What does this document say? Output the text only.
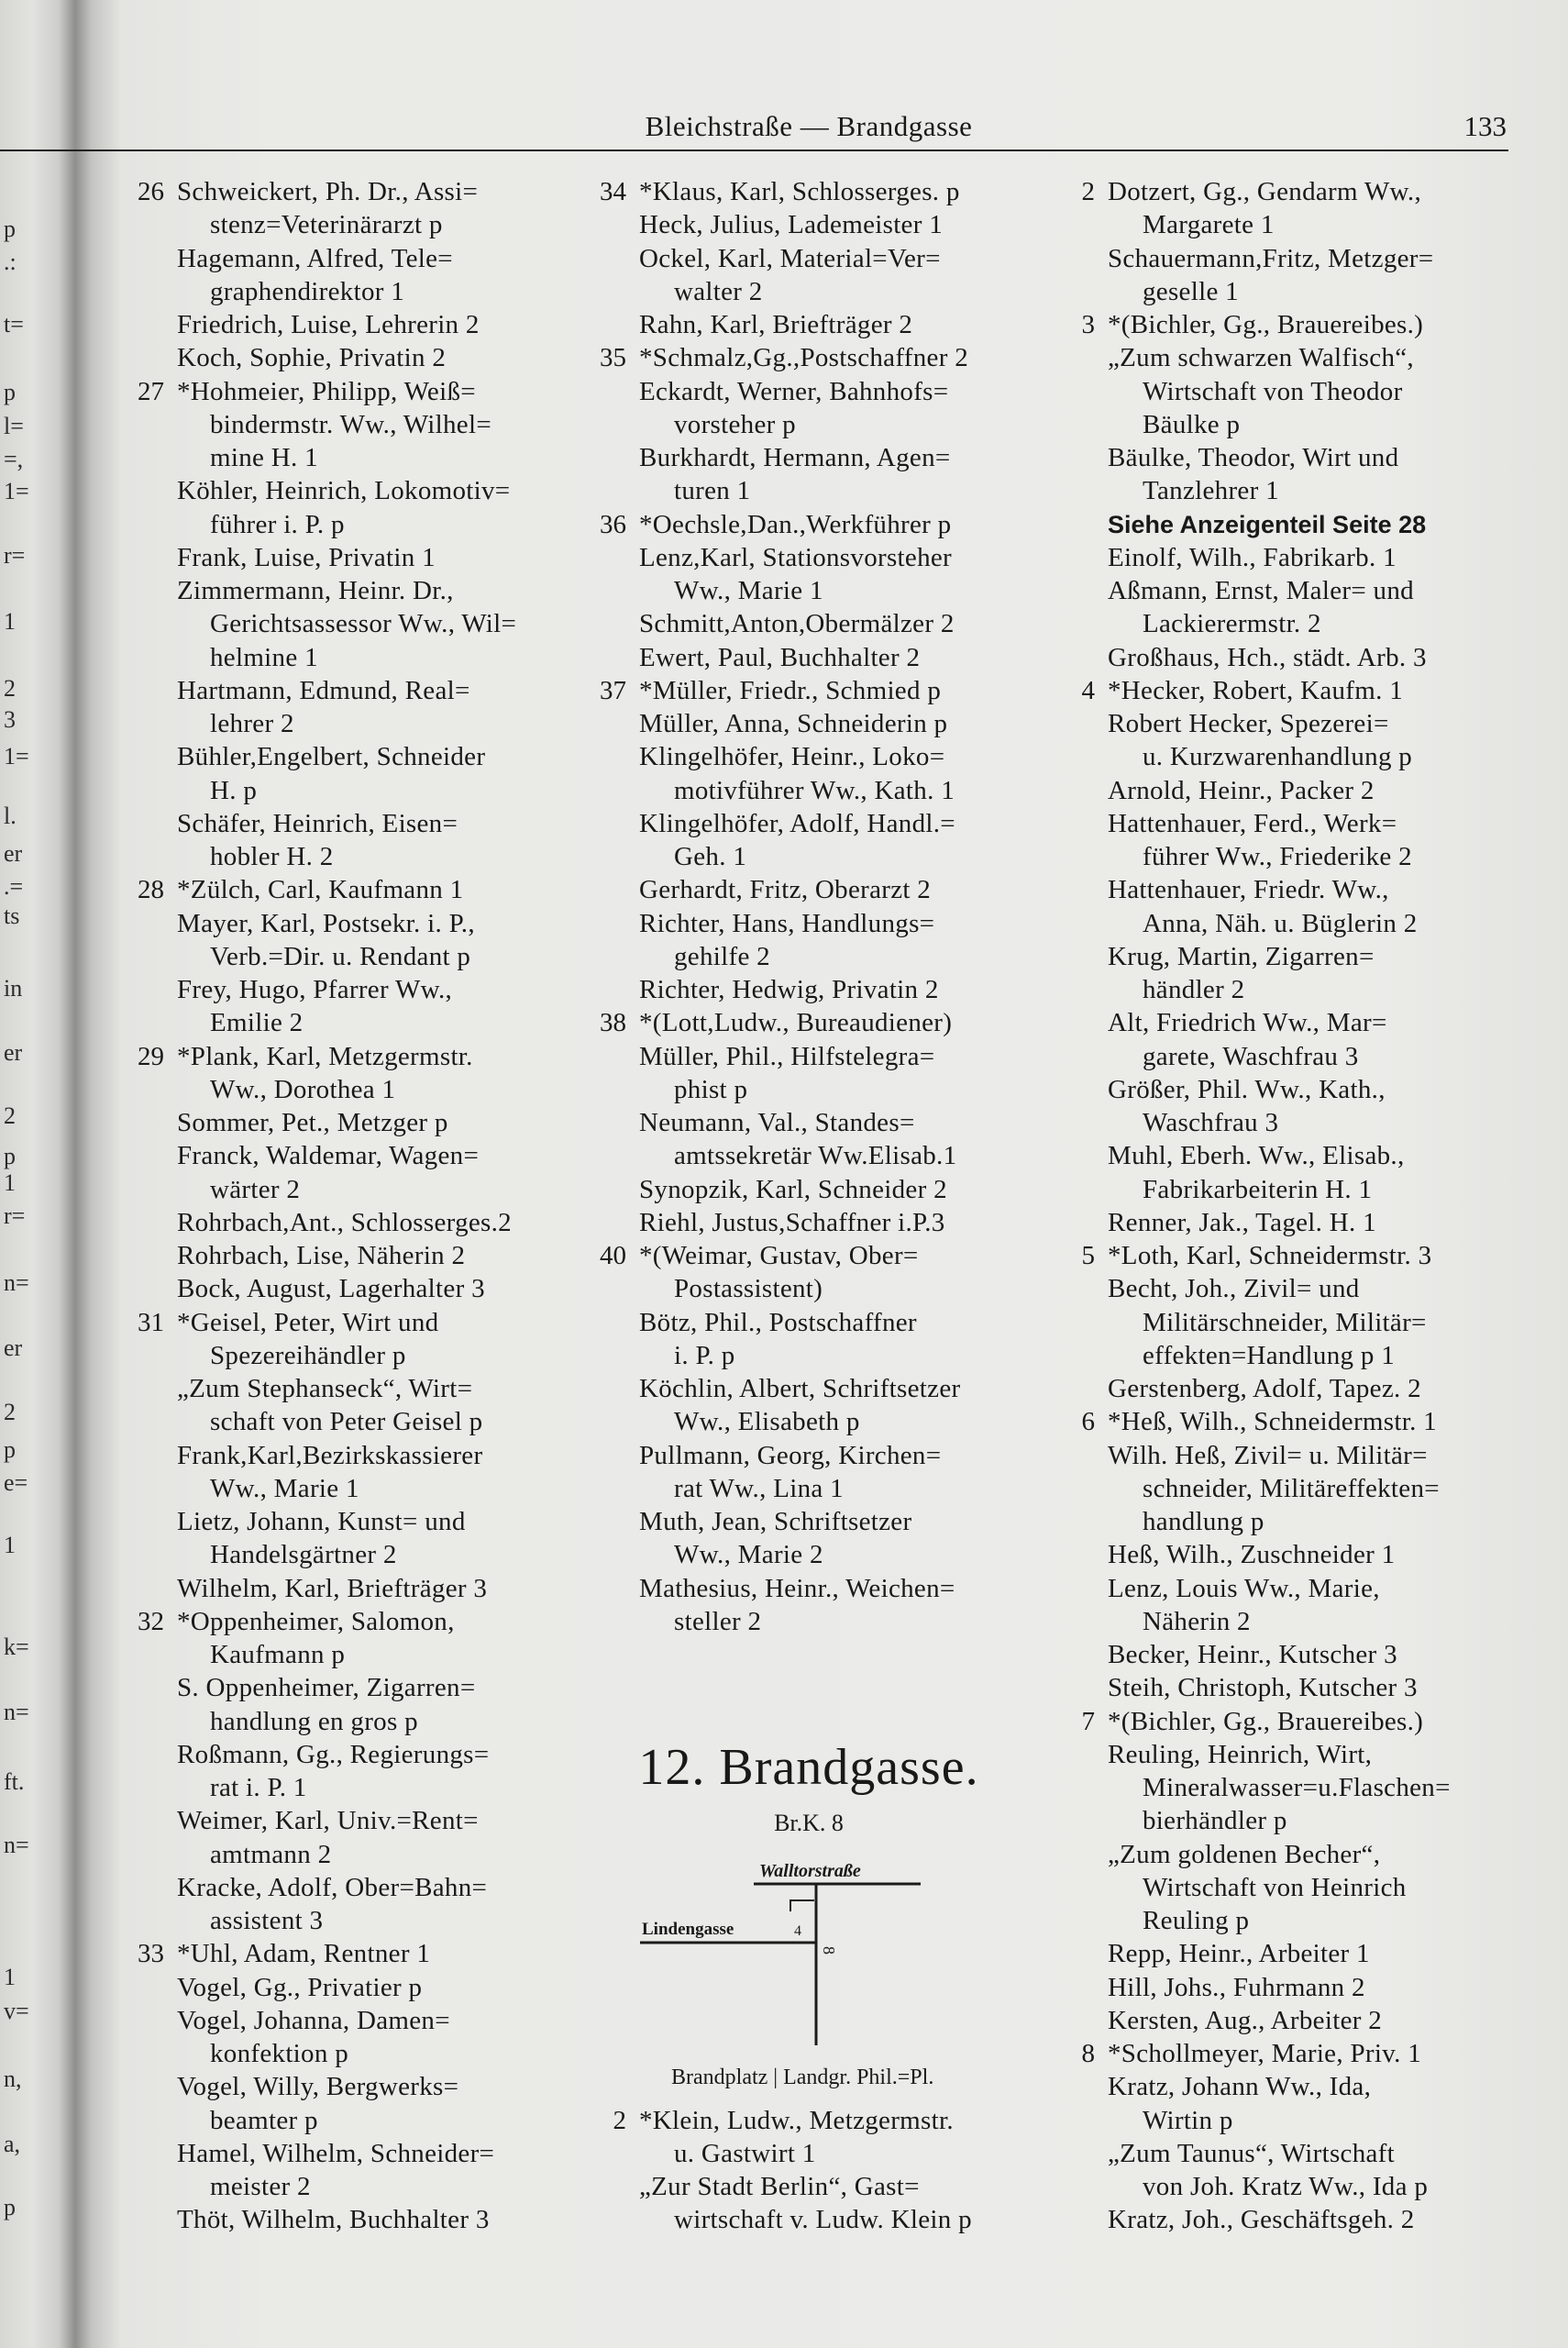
Bleichstraße — Brandgasse	133
p
.:
t=
p
l=
=,
1=
r=
1
2
3
1=
l.
er
.=
ts
in
er
2
p
1
r=
n=
er
2
p
e=
1
k=
n=
ft.
n=
1
v=
n,
a,
p
26 Schweickert, Ph. Dr., Assi=
stenz=Veterinärarzt p
Hagemann, Alfred, Tele=
graphendirektor 1
Friedrich, Luise, Lehrerin 2
Koch, Sophie, Privatin 2
27 *Hohmeier, Philipp, Weiß=
bindermstr. Ww., Wilhel=
mine H. 1
Köhler, Heinrich, Lokomotiv=
führer i. P. p
Frank, Luise, Privatin 1
Zimmermann, Heinr. Dr.,
Gerichtsassessor Ww., Wil=
helmine 1
Hartmann, Edmund, Real=
lehrer 2
Bühler,Engelbert, Schneider
H. p
Schäfer, Heinrich, Eisen=
hobler H. 2
28 *Zülch, Carl, Kaufmann 1
Mayer, Karl, Postsekr. i. P.,
Verb.=Dir. u. Rendant p
Frey, Hugo, Pfarrer Ww.,
Emilie 2
29 *Plank, Karl, Metzgermstr.
Ww., Dorothea 1
Sommer, Pet., Metzger p
Franck, Waldemar, Wagen=
wärter 2
Rohrbach,Ant., Schlosserges.2
Rohrbach, Lise, Näherin 2
Bock, August, Lagerhalter 3
31 *Geisel, Peter, Wirt und
Spezereihändler p
„Zum Stephanseck“, Wirt=
schaft von Peter Geisel p
Frank,Karl,Bezirkskassierer
Ww., Marie 1
Lietz, Johann, Kunst= und
Handelsgärtner 2
Wilhelm, Karl, Briefträger 3
32 *Oppenheimer, Salomon,
Kaufmann p
S. Oppenheimer, Zigarren=
handlung en gros p
Roßmann, Gg., Regierungs=
rat i. P. 1
Weimer, Karl, Univ.=Rent=
amtmann 2
Kracke, Adolf, Ober=Bahn=
assistent 3
33 *Uhl, Adam, Rentner 1
Vogel, Gg., Privatier p
Vogel, Johanna, Damen=
konfektion p
Vogel, Willy, Bergwerks=
beamter p
Hamel, Wilhelm, Schneider=
meister 2
Thöt, Wilhelm, Buchhalter 3
12. Brandgasse.
Br.K. 8
Walltorstraße
Lindengasse	4
8
Brandplatz | Landgr. Phil.=Pl.
34 *Klaus, Karl, Schlosserges. p
Heck, Julius, Lademeister 1
Ockel, Karl, Material=Ver=
walter 2
Rahn, Karl, Briefträger 2
35 *Schmalz,Gg.,Postschaffner 2
Eckardt, Werner, Bahnhofs=
vorsteher p
Burkhardt, Hermann, Agen=
turen 1
36 *Oechsle,Dan.,Werkführer p
Lenz,Karl, Stationsvorsteher
Ww., Marie 1
Schmitt,Anton,Obermälzer 2
Ewert, Paul, Buchhalter 2
37 *Müller, Friedr., Schmied p
Müller, Anna, Schneiderin p
Klingelhöfer, Heinr., Loko=
motivführer Ww., Kath. 1
Klingelhöfer, Adolf, Handl.=
Geh. 1
Gerhardt, Fritz, Oberarzt 2
Richter, Hans, Handlungs=
gehilfe 2
Richter, Hedwig, Privatin 2
38 *(Lott,Ludw., Bureaudiener)
Müller, Phil., Hilfstelegra=
phist p
Neumann, Val., Standes=
amtssekretär Ww.Elisab.1
Synopzik, Karl, Schneider 2
Riehl, Justus,Schaffner i.P.3
40 *(Weimar, Gustav, Ober=
Postassistent)
Bötz, Phil., Postschaffner
i. P. p
Köchlin, Albert, Schriftsetzer
Ww., Elisabeth p
Pullmann, Georg, Kirchen=
rat Ww., Lina 1
Muth, Jean, Schriftsetzer
Ww., Marie 2
Mathesius, Heinr., Weichen=
steller 2
2 *Klein, Ludw., Metzgermstr.
u. Gastwirt 1
„Zur Stadt Berlin“, Gast=
wirtschaft v. Ludw. Klein p
2 Dotzert, Gg., Gendarm Ww.,
Margarete 1
Schauermann,Fritz, Metzger=
geselle 1
3 *(Bichler, Gg., Brauereibes.)
„Zum schwarzen Walfisch“,
Wirtschaft von Theodor
Bäulke p
Bäulke, Theodor, Wirt und
Tanzlehrer 1
Siehe Anzeigenteil Seite 28
Einolf, Wilh., Fabrikarb. 1
Aßmann, Ernst, Maler= und
Lackierermstr. 2
Großhaus, Hch., städt. Arb. 3
4 *Hecker, Robert, Kaufm. 1
Robert Hecker, Spezerei=
u. Kurzwarenhandlung p
Arnold, Heinr., Packer 2
Hattenhauer, Ferd., Werk=
führer Ww., Friederike 2
Hattenhauer, Friedr. Ww.,
Anna, Näh. u. Büglerin 2
Krug, Martin, Zigarren=
händler 2
Alt, Friedrich Ww., Mar=
garete, Waschfrau 3
Größer, Phil. Ww., Kath.,
Waschfrau 3
Muhl, Eberh. Ww., Elisab.,
Fabrikarbeiterin H. 1
Renner, Jak., Tagel. H. 1
5 *Loth, Karl, Schneidermstr. 3
Becht, Joh., Zivil= und
Militärschneider, Militär=
effekten=Handlung p 1
Gerstenberg, Adolf, Tapez. 2
6 *Heß, Wilh., Schneidermstr. 1
Wilh. Heß, Zivil= u. Militär=
schneider, Militäreffekten=
handlung p
Heß, Wilh., Zuschneider 1
Lenz, Louis Ww., Marie,
Näherin 2
Becker, Heinr., Kutscher 3
Steih, Christoph, Kutscher 3
7 *(Bichler, Gg., Brauereibes.)
Reuling, Heinrich, Wirt,
Mineralwasser=u.Flaschen=
bierhändler p
„Zum goldenen Becher“,
Wirtschaft von Heinrich
Reuling p
Repp, Heinr., Arbeiter 1
Hill, Johs., Fuhrmann 2
Kersten, Aug., Arbeiter 2
8 *Schollmeyer, Marie, Priv. 1
Kratz, Johann Ww., Ida,
Wirtin p
„Zum Taunus“, Wirtschaft
von Joh. Kratz Ww., Ida p
Kratz, Joh., Geschäftsgeh. 2
